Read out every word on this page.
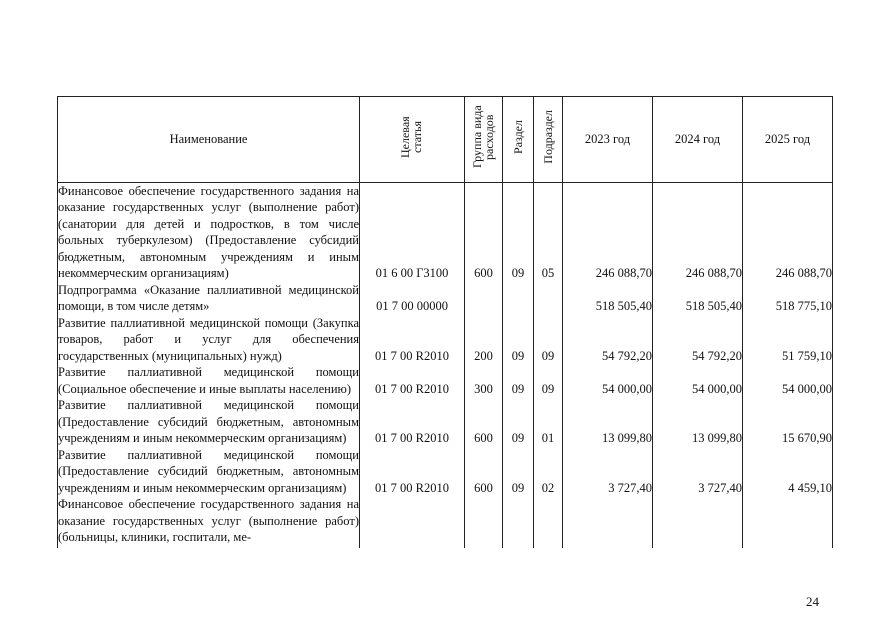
Наименование	Целевая статья	Группа вида расходов	Раздел	Подраздел	2023 год	2024 год	2025 год

Финансовое обеспечение государственного задания на оказание государственных услуг (выполнение работ) (санатории для детей и подростков, в том числе больных туберкулезом) (Предоставление субсидий бюджетным, автономным учреждениям и иным некоммерческим организациям)	01 6 00 Г3100	600	09	05	246 088,70	246 088,70	246 088,70

Подпрограмма «Оказание паллиативной медицинской помощи, в том числе детям»	01 7 00 00000				518 505,40	518 505,40	518 775,10

Развитие паллиативной медицинской помощи (Закупка товаров, работ и услуг для обеспечения государственных (муниципальных) нужд)	01 7 00 R2010	200	09	09	54 792,20	54 792,20	51 759,10

Развитие паллиативной медицинской помощи (Социальное обеспечение и иные выплаты населению)	01 7 00 R2010	300	09	09	54 000,00	54 000,00	54 000,00

Развитие паллиативной медицинской помощи (Предоставление субсидий бюджетным, автономным учреждениям и иным некоммерческим организациям)	01 7 00 R2010	600	09	01	13 099,80	13 099,80	15 670,90

Развитие паллиативной медицинской помощи (Предоставление субсидий бюджетным, автономным учреждениям и иным некоммерческим организациям)	01 7 00 R2010	600	09	02	3 727,40	3 727,40	4 459,10

Финансовое обеспечение государственного задания на оказание государственных услуг (выполнение работ) (больницы, клиники, госпитали, ме-							

24
